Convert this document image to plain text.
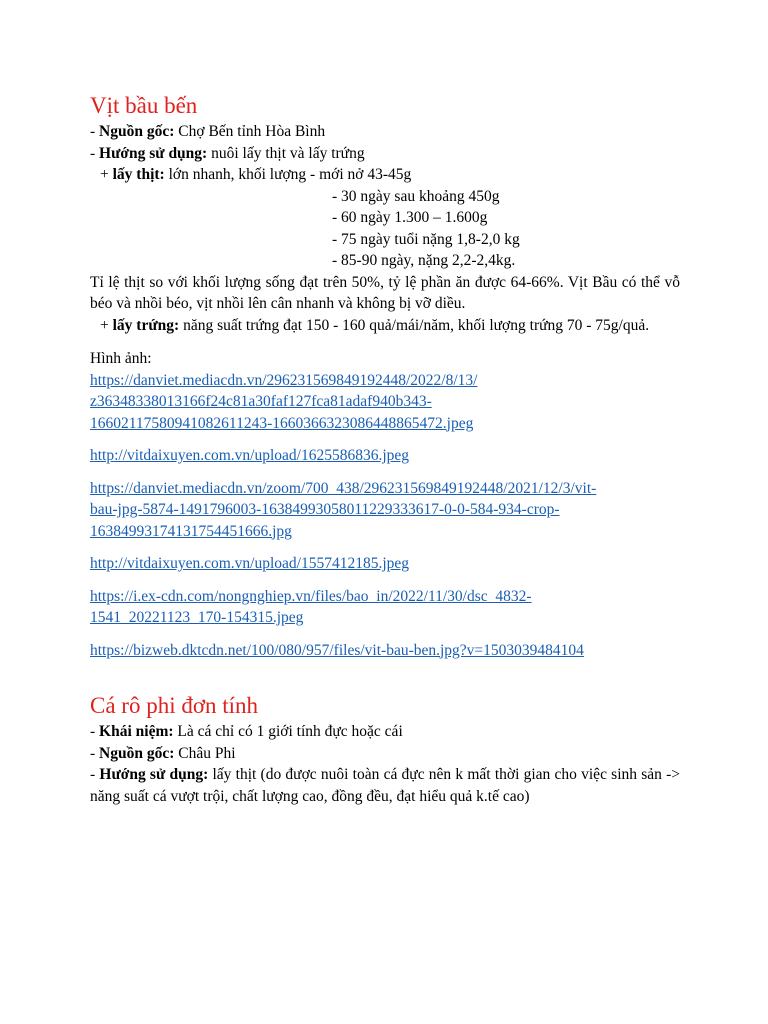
Vịt bầu bến
- Nguồn gốc: Chợ Bến tỉnh Hòa Bình
- Hướng sử dụng: nuôi lấy thịt và lấy trứng
+ lấy thịt: lớn nhanh, khối lượng - mới nở 43-45g
- 30 ngày sau khoảng 450g
- 60 ngày 1.300 – 1.600g
- 75 ngày tuổi nặng 1,8-2,0 kg
- 85-90 ngày, nặng 2,2-2,4kg.
Tỉ lệ thịt so với khối lượng sống đạt trên 50%, tỷ lệ phần ăn được 64-66%. Vịt Bầu có thể vỗ béo và nhồi béo, vịt nhồi lên cân nhanh và không bị vỡ diều.
+ lấy trứng: năng suất trứng đạt 150 - 160 quả/mái/năm, khối lượng trứng 70 - 75g/quả.
Hình ảnh:
https://danviet.mediacdn.vn/296231569849192448/2022/8/13/
z3634833801316​6f24c81a30faf127fca81adaf940b343-
16602117580941082611243-1660366323086448865472.jpeg
http://vitdaixuyen.com.vn/upload/1625586836.jpeg
https://danviet.mediacdn.vn/zoom/700_438/296231569849192448/2021/12/3/vit-
bau-jpg-5874-1491796003-16384993058011229333617-0-0-584-934-crop-
16384993174131754451666.jpg
http://vitdaixuyen.com.vn/upload/1557412185.jpeg
https://i.ex-cdn.com/nongnghiep.vn/files/bao_in/2022/11/30/dsc_4832-
1541_20221123_170-154315.jpeg
https://bizweb.dktcdn.net/100/080/957/files/vit-bau-ben.jpg?v=1503039484104
Cá rô phi đơn tính
- Khái niệm: Là cá chỉ có 1 giới tính đực hoặc cái
- Nguồn gốc: Châu Phi
- Hướng sử dụng: lấy thịt (do được nuôi toàn cá đực nên k mất thời gian cho việc sinh sản -> năng suất cá vượt trội, chất lượng cao, đồng đều, đạt hiểu quả k.tế cao)
